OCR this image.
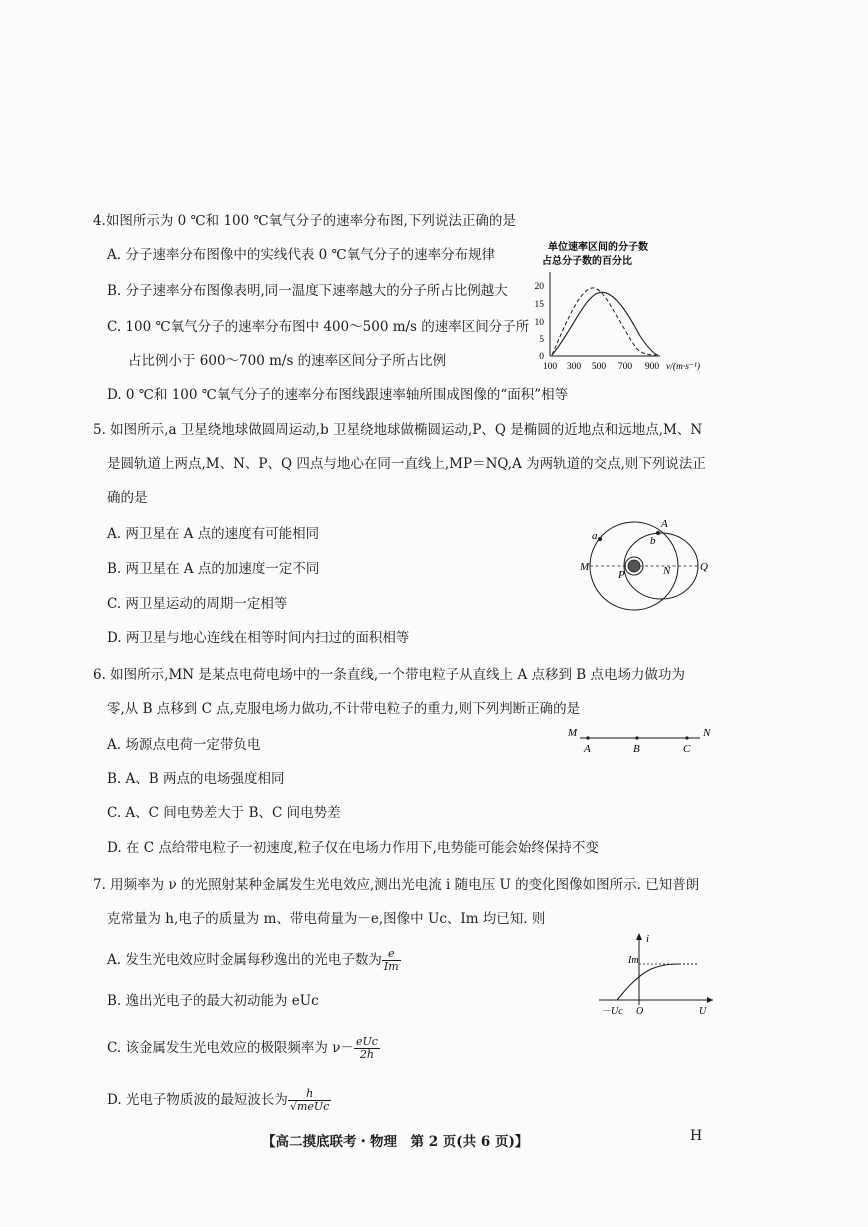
4.如图所示为 0 ℃和 100 ℃氧气分子的速率分布图,下列说法正确的是
A. 分子速率分布图像中的实线代表 0 ℃氧气分子的速率分布规律
B. 分子速率分布图像表明,同一温度下速率越大的分子所占比例越大
C. 100 ℃氧气分子的速率分布图中 400～500 m/s 的速率区间分子所
占比例小于 600～700 m/s 的速率区间分子所占比例
D. 0 ℃和 100 ℃氧气分子的速率分布图线跟速率轴所围成图像的“面积”相等
单位速率区间的分子数
占总分子数的百分比
0
5
10
15
20
100 300 500 700 900 v/(m·s⁻¹)
5. 如图所示,a 卫星绕地球做圆周运动,b 卫星绕地球做椭圆运动,P、Q 是椭圆的近地点和远地点,M、N
是圆轨道上两点,M、N、P、Q 四点与地心在同一直线上,MP＝NQ,A 为两轨道的交点,则下列说法正
确的是
A. 两卫星在 A 点的速度有可能相同
B. 两卫星在 A 点的加速度一定不同
C. 两卫星运动的周期一定相等
D. 两卫星与地心连线在相等时间内扫过的面积相等
a	b
A
M
P	N	Q
6. 如图所示,MN 是某点电荷电场中的一条直线,一个带电粒子从直线上 A 点移到 B 点电场力做功为
零,从 B 点移到 C 点,克服电场力做功,不计带电粒子的重力,则下列判断正确的是
A. 场源点电荷一定带负电
B. A、B 两点的电场强度相同
C. A、C 间电势差大于 B、C 间电势差
D. 在 C 点给带电粒子一初速度,粒子仅在电场力作用下,电势能可能会始终保持不变
M	N
A	B	C
7. 用频率为 ν 的光照射某种金属发生光电效应,测出光电流 i 随电压 U 的变化图像如图所示. 已知普朗
克常量为 h,电子的质量为 m、带电荷量为－e,图像中 Uc、Im 均已知. 则
A. 发生光电效应时金属每秒逸出的光电子数为 $\frac{e}{Im}$
B. 逸出光电子的最大初动能为 eUc
C. 该金属发生光电效应的极限频率为 $\nu- \frac{\text{eUc}}{2h}$
D. 光电子物质波的最短波长为 $\frac{h}{\text{√meUc}}$
i
Im
－Uc O	U
【高二摸底联考・物理　第 2 页(共 6 页)】	H
